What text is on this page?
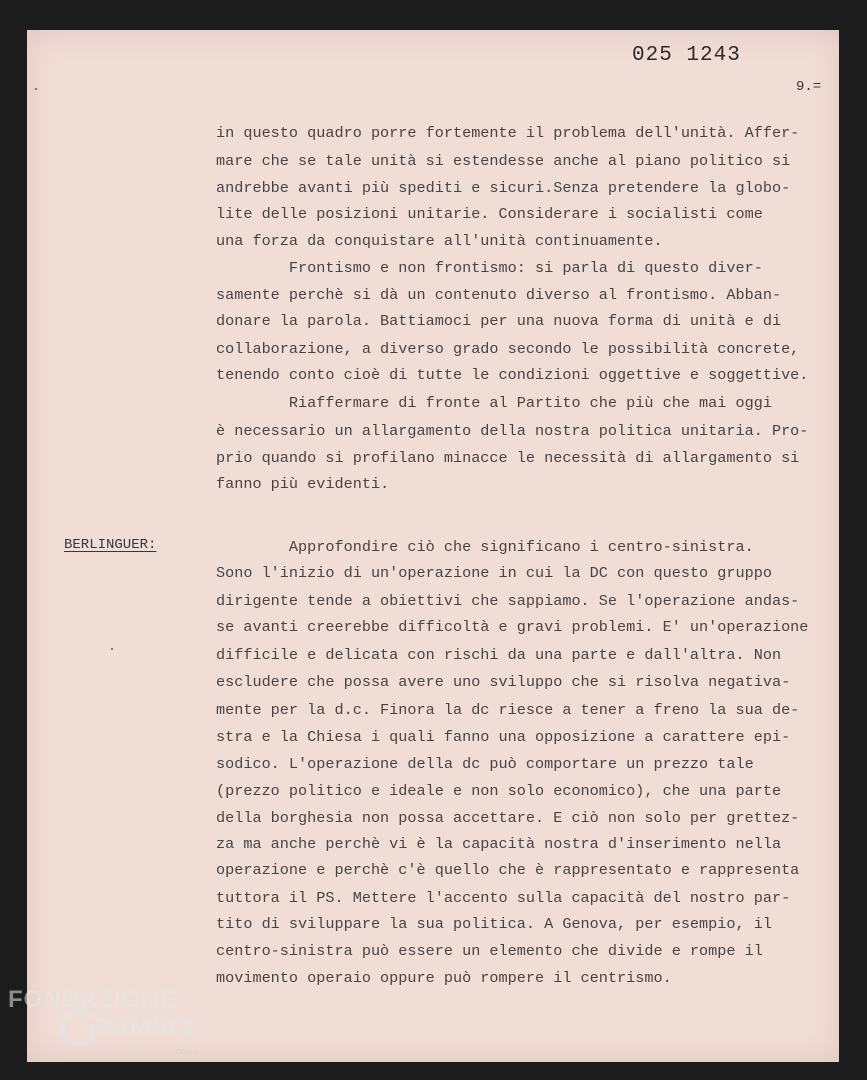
025 1243
9.=
BERLINGUER:
in questo quadro porre fortemente il problema dell'unità. Affer-
mare che se tale unità si estendesse anche al piano politico si
andrebbe avanti più spediti e sicuri.Senza pretendere la globo-
lite delle posizioni unitarie. Considerare i socialisti come
una forza da conquistare all'unità continuamente.
Frontismo e non frontismo: si parla di questo diver-
samente perchè si dà un contenuto diverso al frontismo. Abban-
donare la parola. Battiamoci per una nuova forma di unità e di
collaborazione, a diverso grado secondo le possibilità concrete,
tenendo conto cioè di tutte le condizioni oggettive e soggettive.
Riaffermare di fronte al Partito che più che mai oggi
è necessario un allargamento della nostra politica unitaria. Pro-
prio quando si profilano minacce le necessità di allargamento si
fanno più evidenti.
Approfondire ciò che significano i centro-sinistra.
Sono l'inizio di un'operazione in cui la DC con questo gruppo
dirigente tende a obiettivi che sappiamo. Se l'operazione andas-
se avanti creerebbe difficoltà e gravi problemi. E' un'operazione
difficile e delicata con rischi da una parte e dall'altra. Non
escludere che possa avere uno sviluppo che si risolva negativa-
mente per la d.c. Finora la dc riesce a tener a freno la sua de-
stra e la Chiesa i quali fanno una opposizione a carattere epi-
sodico. L'operazione della dc può comportare un prezzo tale
(prezzo politico e ideale e non solo economico), che una parte
della borghesia non possa accettare. E ciò non solo per grettez-
za ma anche perchè vi è la capacità nostra d'inserimento nella
operazione e perchè c'è quello che è rappresentato e rappresenta
tuttora il PS. Mettere l'accento sulla capacità del nostro par-
tito di sviluppare la sua politica. A Genova, per esempio, il
centro-sinistra può essere un elemento che divide e rompe il
movimento operaio oppure può rompere il centrismo.
FONDAZIONE
RAMSCI
onlus
